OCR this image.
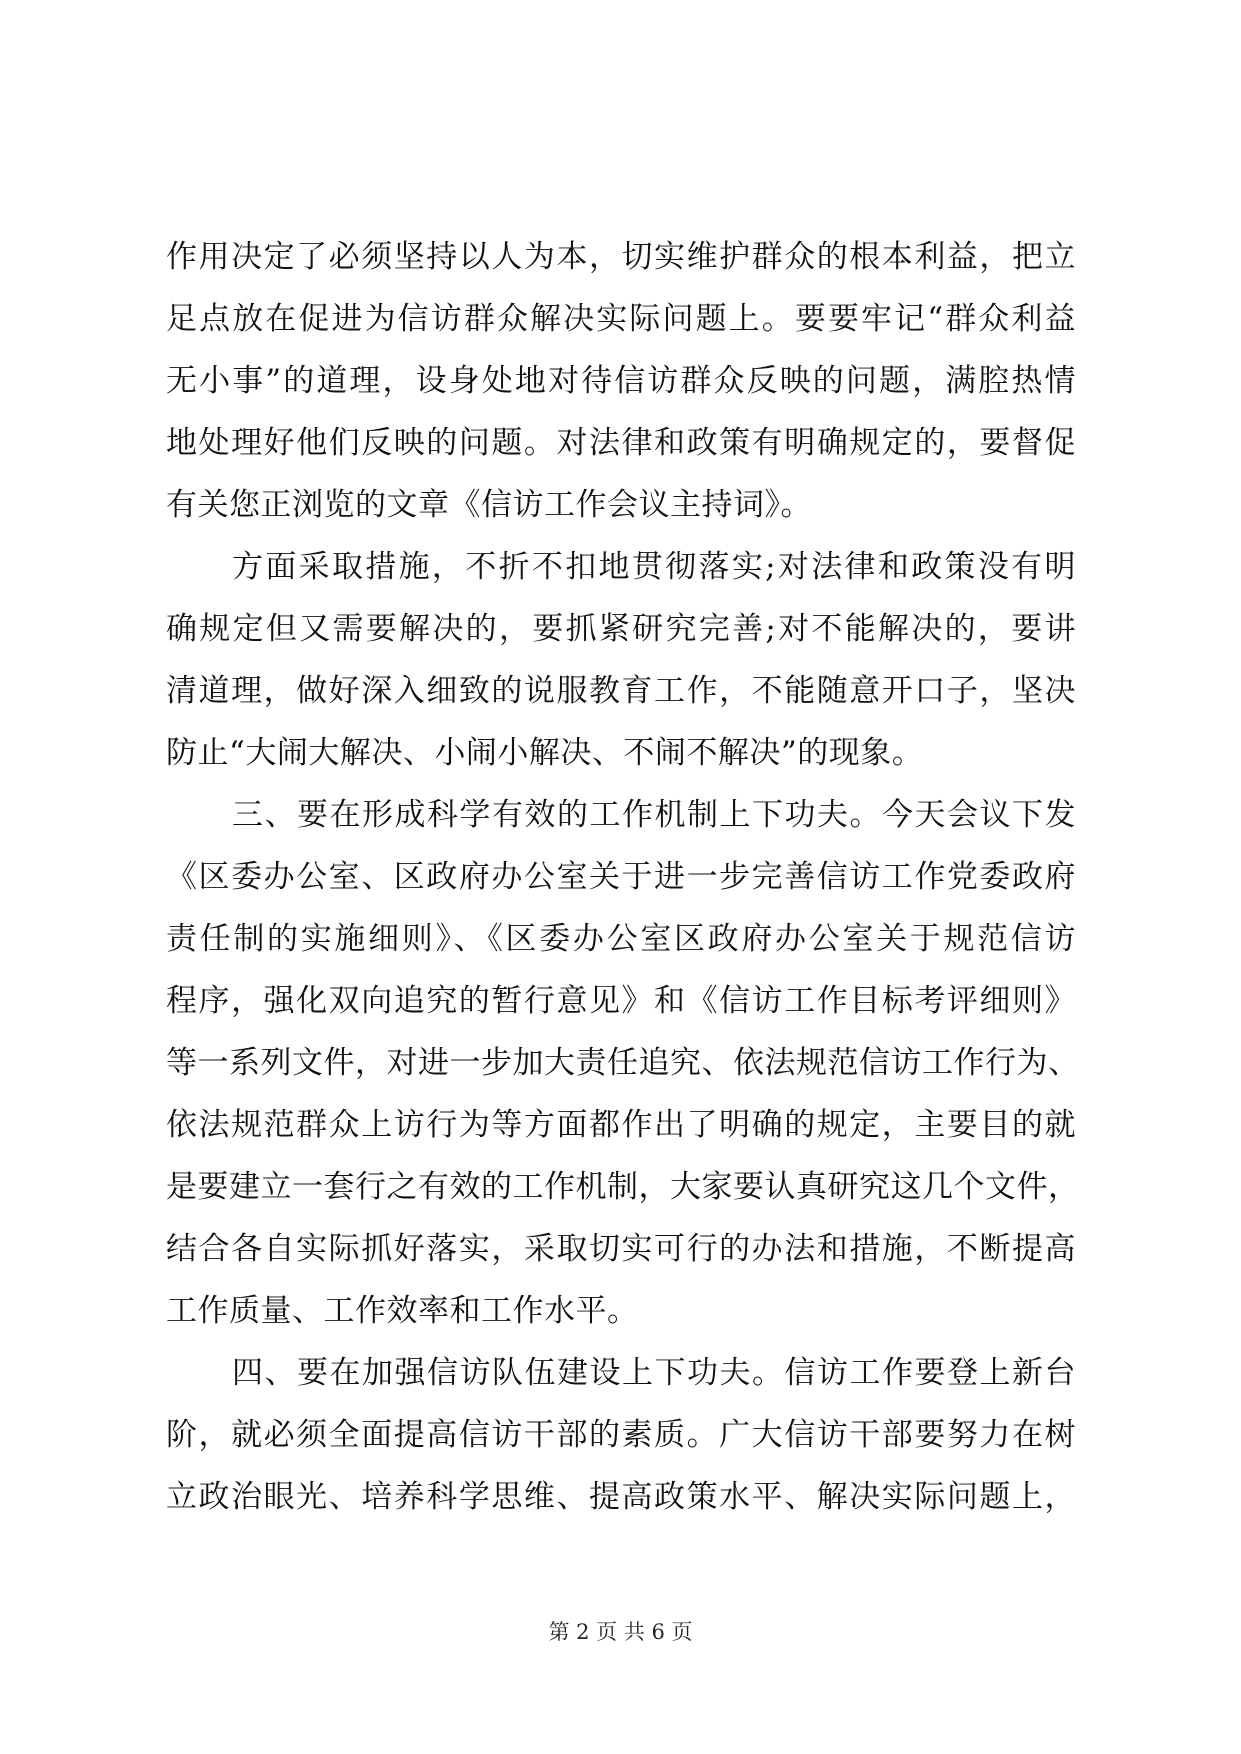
作用决定了必须坚持以人为本，切实维护群众的根本利益，把立
足点放在促进为信访群众解决实际问题上。要要牢记“群众利益
无小事”的道理，设身处地对待信访群众反映的问题，满腔热情
地处理好他们反映的问题。对法律和政策有明确规定的，要督促
有关您正浏览的文章《信访工作会议主持词》。
方面采取措施，不折不扣地贯彻落实;对法律和政策没有明
确规定但又需要解决的，要抓紧研究完善;对不能解决的，要讲
清道理，做好深入细致的说服教育工作，不能随意开口子，坚决
防止“大闹大解决、小闹小解决、不闹不解决”的现象。
三、要在形成科学有效的工作机制上下功夫。今天会议下发
《区委办公室、区政府办公室关于进一步完善信访工作党委政府
责任制的实施细则》、《区委办公室区政府办公室关于规范信访
程序，强化双向追究的暂行意见》和《信访工作目标考评细则》
等一系列文件，对进一步加大责任追究、依法规范信访工作行为、
依法规范群众上访行为等方面都作出了明确的规定，主要目的就
是要建立一套行之有效的工作机制，大家要认真研究这几个文件，
结合各自实际抓好落实，采取切实可行的办法和措施，不断提高
工作质量、工作效率和工作水平。
四、要在加强信访队伍建设上下功夫。信访工作要登上新台
阶，就必须全面提高信访干部的素质。广大信访干部要努力在树
立政治眼光、培养科学思维、提高政策水平、解决实际问题上，
第 2 页 共 6 页
